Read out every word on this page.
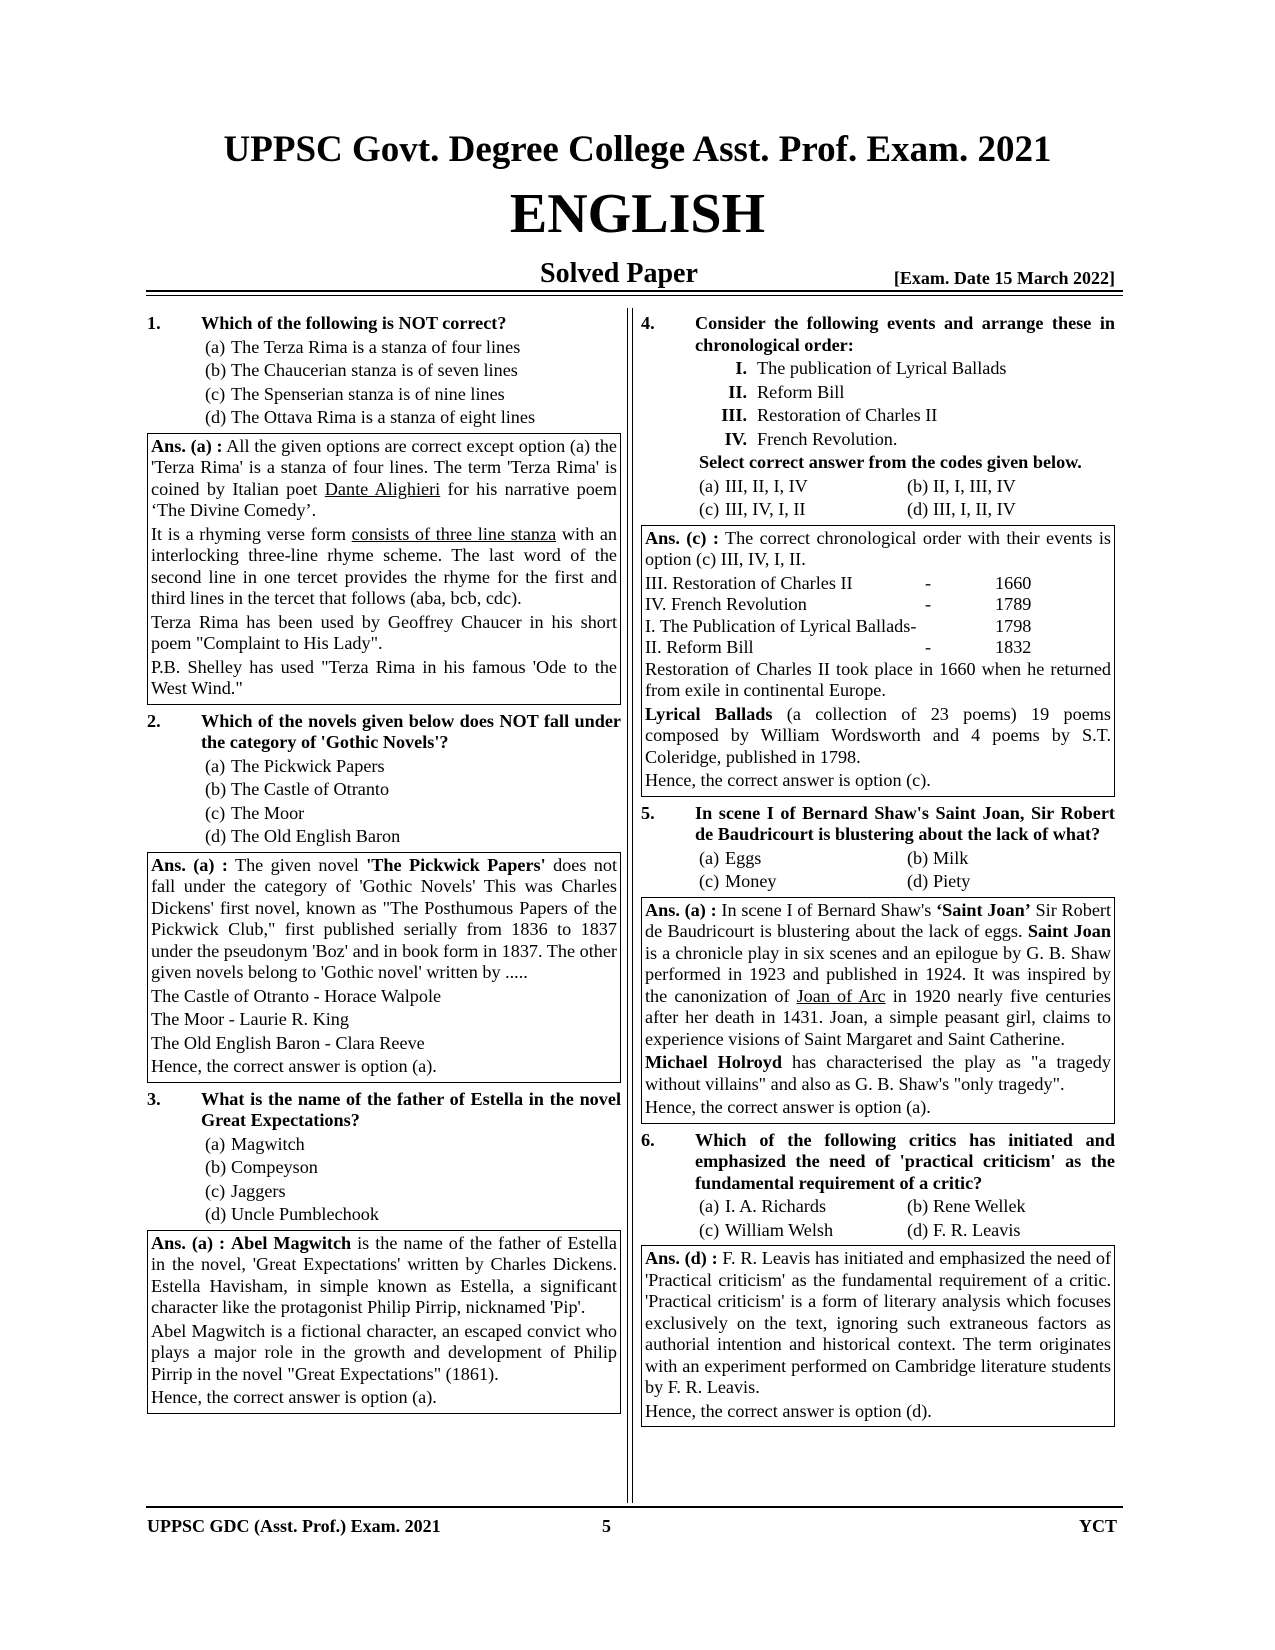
UPPSC Govt. Degree College Asst. Prof. Exam. 2021
ENGLISH
Solved Paper	[Exam. Date 15 March 2022]
1.	Which of the following is NOT correct?
(a) The Terza Rima is a stanza of four lines
(b) The Chaucerian stanza is of seven lines
(c) The Spenserian stanza is of nine lines
(d) The Ottava Rima is a stanza of eight lines

Ans. (a) : All the given options are correct except option (a) the 'Terza Rima' is a stanza of four lines. The term 'Terza Rima' is coined by Italian poet Dante Alighieri for his narrative poem ‘The Divine Comedy’.

It is a rhyming verse form consists of three line stanza with an interlocking three-line rhyme scheme. The last word of the second line in one tercet provides the rhyme for the first and third lines in the tercet that follows (aba, bcb, cdc).

Terza Rima has been used by Geoffrey Chaucer in his short poem "Complaint to His Lady".

P.B. Shelley has used "Terza Rima in his famous 'Ode to the West Wind."

2.	Which of the novels given below does NOT fall under the category of 'Gothic Novels'?
(a) The Pickwick Papers
(b) The Castle of Otranto
(c) The Moor
(d) The Old English Baron

Ans. (a) : The given novel 'The Pickwick Papers' does not fall under the category of 'Gothic Novels' This was Charles Dickens' first novel, known as "The Posthumous Papers of the Pickwick Club," first published serially from 1836 to 1837 under the pseudonym 'Boz' and in book form in 1837. The other given novels belong to 'Gothic novel' written by .....

The Castle of Otranto - Horace Walpole

The Moor - Laurie R. King

The Old English Baron - Clara Reeve

Hence, the correct answer is option (a).

3.	What is the name of the father of Estella in the novel Great Expectations?
(a) Magwitch
(b) Compeyson
(c) Jaggers
(d) Uncle Pumblechook

Ans. (a) : Abel Magwitch is the name of the father of Estella in the novel, 'Great Expectations' written by Charles Dickens. Estella Havisham, in simple known as Estella, a significant character like the protagonist Philip Pirrip, nicknamed 'Pip'.

Abel Magwitch is a fictional character, an escaped convict who plays a major role in the growth and development of Philip Pirrip in the novel "Great Expectations" (1861).

Hence, the correct answer is option (a).

4.	Consider the following events and arrange these in chronological order:
I. The publication of Lyrical Ballads
II. Reform Bill
III. Restoration of Charles II
IV. French Revolution.
Select correct answer from the codes given below.
(a) III, II, I, IV	(b) II, I, III, IV
(c) III, IV, I, II	(d) III, I, II, IV

Ans. (c) : The correct chronological order with their events is option (c) III, IV, I, II.

III. Restoration of Charles II	-	1660
IV. French Revolution	-	1789
I. The Publication of Lyrical Ballads-	1798
II. Reform Bill	-	1832

Restoration of Charles II took place in 1660 when he returned from exile in continental Europe.

Lyrical Ballads (a collection of 23 poems) 19 poems composed by William Wordsworth and 4 poems by S.T. Coleridge, published in 1798.

Hence, the correct answer is option (c).

5.	In scene I of Bernard Shaw's Saint Joan, Sir Robert de Baudricourt is blustering about the lack of what?
(a) Eggs	(b) Milk
(c) Money	(d) Piety

Ans. (a) : In scene I of Bernard Shaw's ‘Saint Joan’ Sir Robert de Baudricourt is blustering about the lack of eggs. Saint Joan is a chronicle play in six scenes and an epilogue by G. B. Shaw performed in 1923 and published in 1924. It was inspired by the canonization of Joan of Arc in 1920 nearly five centuries after her death in 1431. Joan, a simple peasant girl, claims to experience visions of Saint Margaret and Saint Catherine.

Michael Holroyd has characterised the play as "a tragedy without villains" and also as G. B. Shaw's "only tragedy".

Hence, the correct answer is option (a).

6.	Which of the following critics has initiated and emphasized the need of 'practical criticism' as the fundamental requirement of a critic?
(a) I. A. Richards	(b) Rene Wellek
(c) William Welsh	(d) F. R. Leavis

Ans. (d) : F. R. Leavis has initiated and emphasized the need of 'Practical criticism' as the fundamental requirement of a critic. 'Practical criticism' is a form of literary analysis which focuses exclusively on the text, ignoring such extraneous factors as authorial intention and historical context. The term originates with an experiment performed on Cambridge literature students by F. R. Leavis.

Hence, the correct answer is option (d).

UPPSC GDC (Asst. Prof.) Exam. 2021	5	YCT
